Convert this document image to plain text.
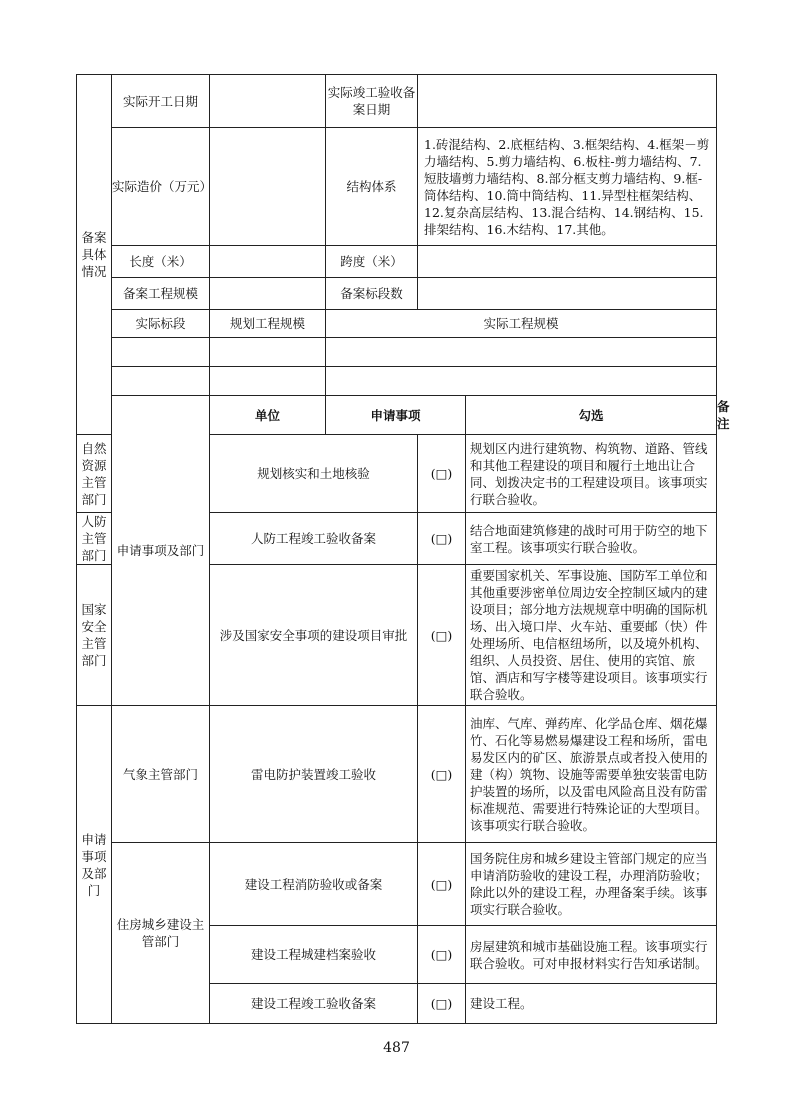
备案具体情况	实际开工日期		实际竣工验收备案日期			
	实际造价（万元）		结构体系	1.砖混结构、2.底框结构、3.框架结构、4.框架－剪力墙结构、5.剪力墙结构、6.板柱-剪力墙结构、7.短肢墙剪力墙结构、8.部分框支剪力墙结构、9.框-筒体结构、10.筒中筒结构、11.异型柱框架结构、12.复杂高层结构、13.混合结构、14.钢结构、15.排架结构、16.木结构、17.其他。		
	长度（米）		跨度（米）			
	备案工程规模		备案标段数			
	实际标段	规划工程规模	实际工程规模			

	申请事项及部门	单位	申请事项		勾选	备注
自然资源主管部门		规划核实和土地核验		(□)	规划区内进行建筑物、构筑物、道路、管线和其他工程建设的项目和履行土地出让合同、划拨决定书的工程建设项目。该事项实行联合验收。	
人防主管部门		人防工程竣工验收备案		(□)	结合地面建筑修建的战时可用于防空的地下室工程。该事项实行联合验收。	
国家安全主管部门		涉及国家安全事项的建设项目审批		(□)	重要国家机关、军事设施、国防军工单位和其他重要涉密单位周边安全控制区域内的建设项目；部分地方法规规章中明确的国际机场、出入境口岸、火车站、重要邮（快）件处理场所、电信枢纽场所，以及境外机构、组织、人员投资、居住、使用的宾馆、旅馆、酒店和写字楼等建设项目。该事项实行联合验收。	
申请事项及部门	气象主管部门	雷电防护装置竣工验收		(□)	油库、气库、弹药库、化学品仓库、烟花爆竹、石化等易燃易爆建设工程和场所，雷电易发区内的矿区、旅游景点或者投入使用的建（构）筑物、设施等需要单独安装雷电防护装置的场所，以及雷电风险高且没有防雷标准规范、需要进行特殊论证的大型项目。该事项实行联合验收。	
	住房城乡建设主管部门	建设工程消防验收或备案		(□)	国务院住房和城乡建设主管部门规定的应当申请消防验收的建设工程，办理消防验收；除此以外的建设工程，办理备案手续。该事项实行联合验收。	
		建设工程城建档案验收		(□)	房屋建筑和城市基础设施工程。该事项实行联合验收。可对申报材料实行告知承诺制。	
		建设工程竣工验收备案		(□)	建设工程。	
487
